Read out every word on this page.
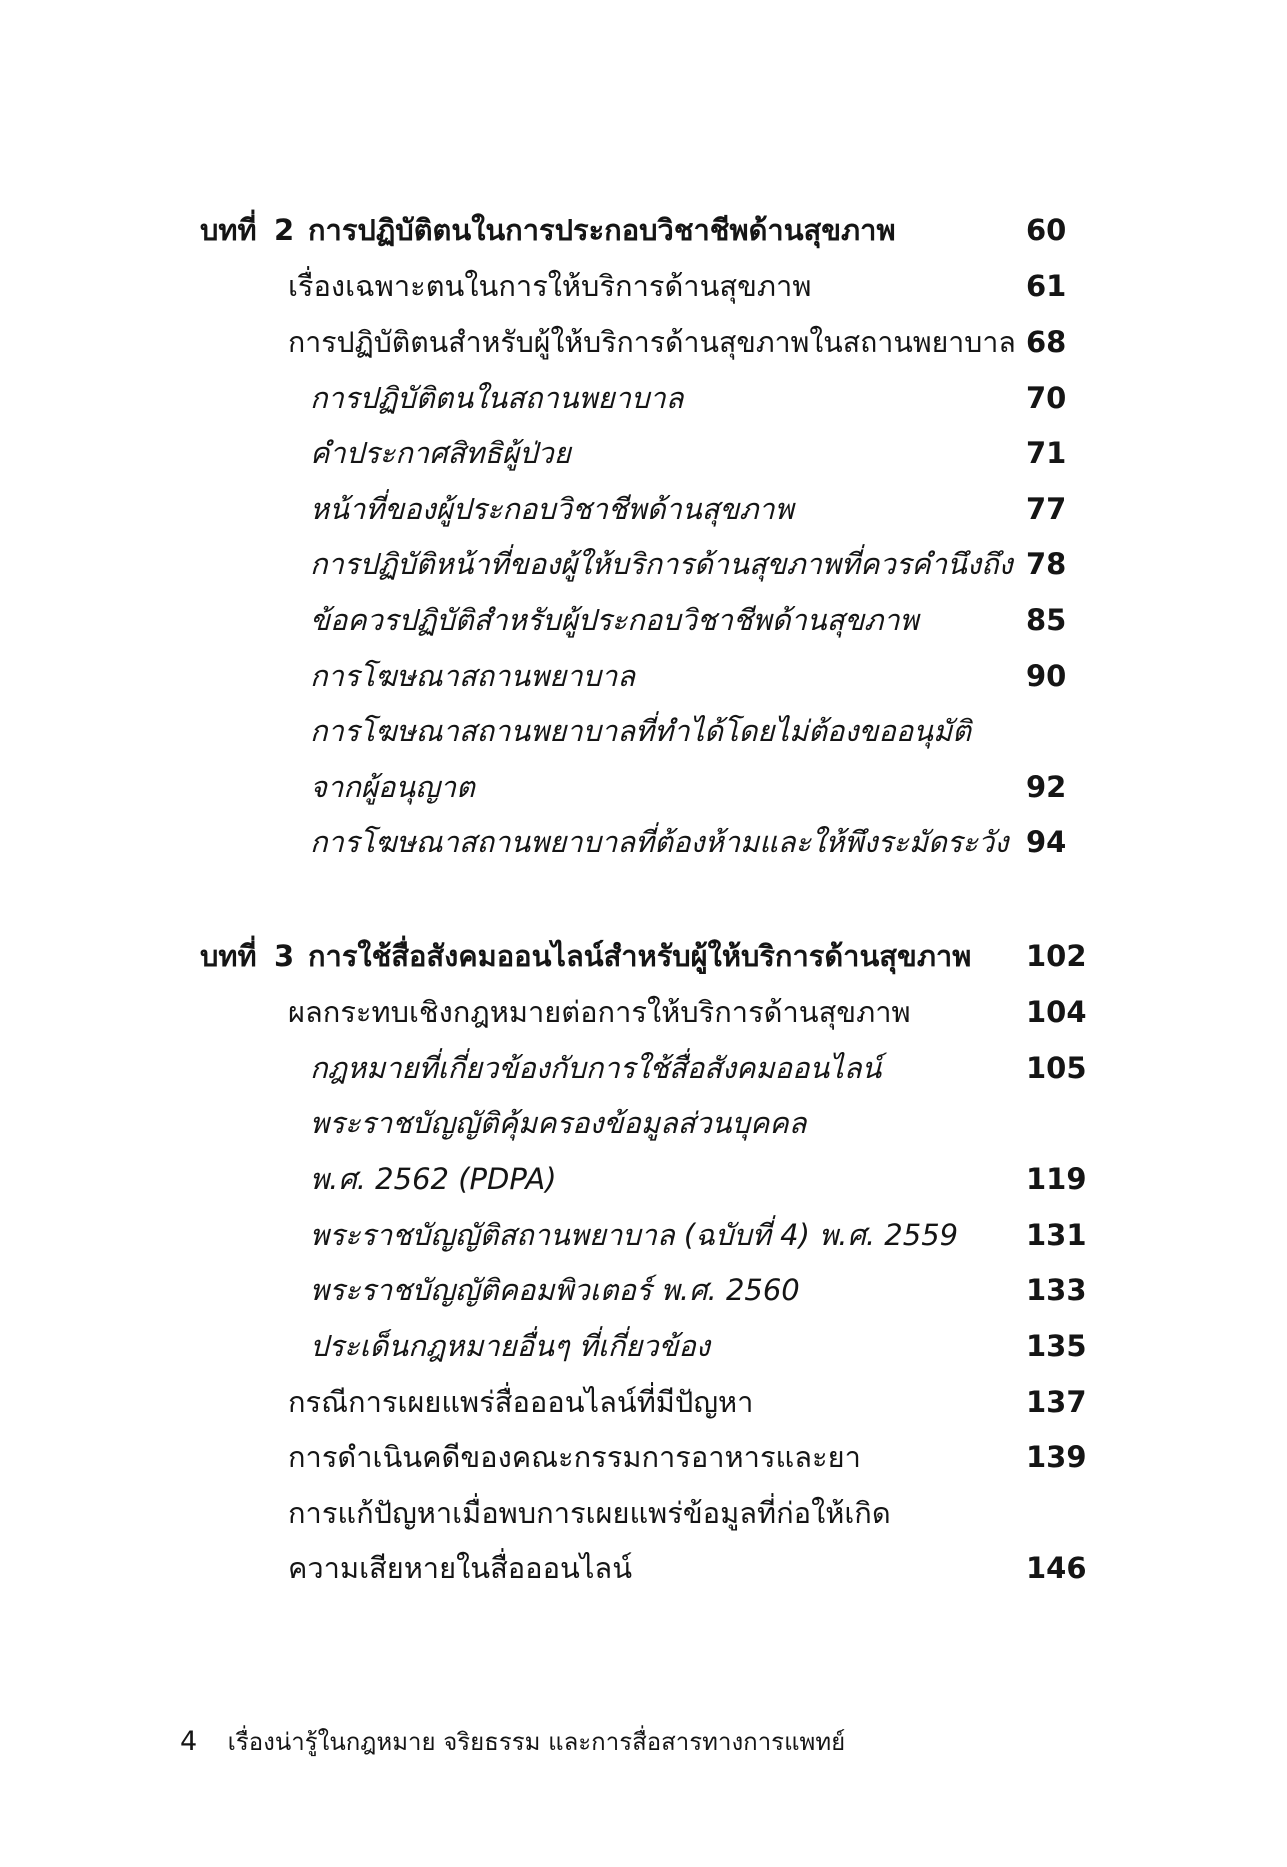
บทที่ 2 การปฏิบัติตนในการประกอบวิชาชีพด้านสุขภาพ	60
เรื่องเฉพาะตนในการให้บริการด้านสุขภาพ	61
การปฏิบัติตนสำหรับผู้ให้บริการด้านสุขภาพในสถานพยาบาล 68
การปฏิบัติตนในสถานพยาบาล	70
คำประกาศสิทธิผู้ป่วย	71
หน้าที่ของผู้ประกอบวิชาชีพด้านสุขภาพ	77
การปฏิบัติหน้าที่ของผู้ให้บริการด้านสุขภาพที่ควรคำนึงถึง 78
ข้อควรปฏิบัติสำหรับผู้ประกอบวิชาชีพด้านสุขภาพ	85
การโฆษณาสถานพยาบาล	90
การโฆษณาสถานพยาบาลที่ทำได้โดยไม่ต้องขออนุมัติ
จากผู้อนุญาต	92
การโฆษณาสถานพยาบาลที่ต้องห้ามและให้พึงระมัดระวัง 94
บทที่ 3 การใช้สื่อสังคมออนไลน์สำหรับผู้ให้บริการด้านสุขภาพ 102
ผลกระทบเชิงกฎหมายต่อการให้บริการด้านสุขภาพ	104
กฎหมายที่เกี่ยวข้องกับการใช้สื่อสังคมออนไลน์	105
พระราชบัญญัติคุ้มครองข้อมูลส่วนบุคคล
พ.ศ. 2562 (PDPA)	119
พระราชบัญญัติสถานพยาบาล (ฉบับที่ 4) พ.ศ. 2559 131
พระราชบัญญัติคอมพิวเตอร์ พ.ศ. 2560	133
ประเด็นกฎหมายอื่นๆ ที่เกี่ยวข้อง	135
กรณีการเผยแพร่สื่อออนไลน์ที่มีปัญหา	137
การดำเนินคดีของคณะกรรมการอาหารและยา	139
การแก้ปัญหาเมื่อพบการเผยแพร่ข้อมูลที่ก่อให้เกิด
ความเสียหายในสื่อออนไลน์	146
4 เรื่องน่ารู้ในกฎหมาย จริยธรรม และการสื่อสารทางการแพทย์
